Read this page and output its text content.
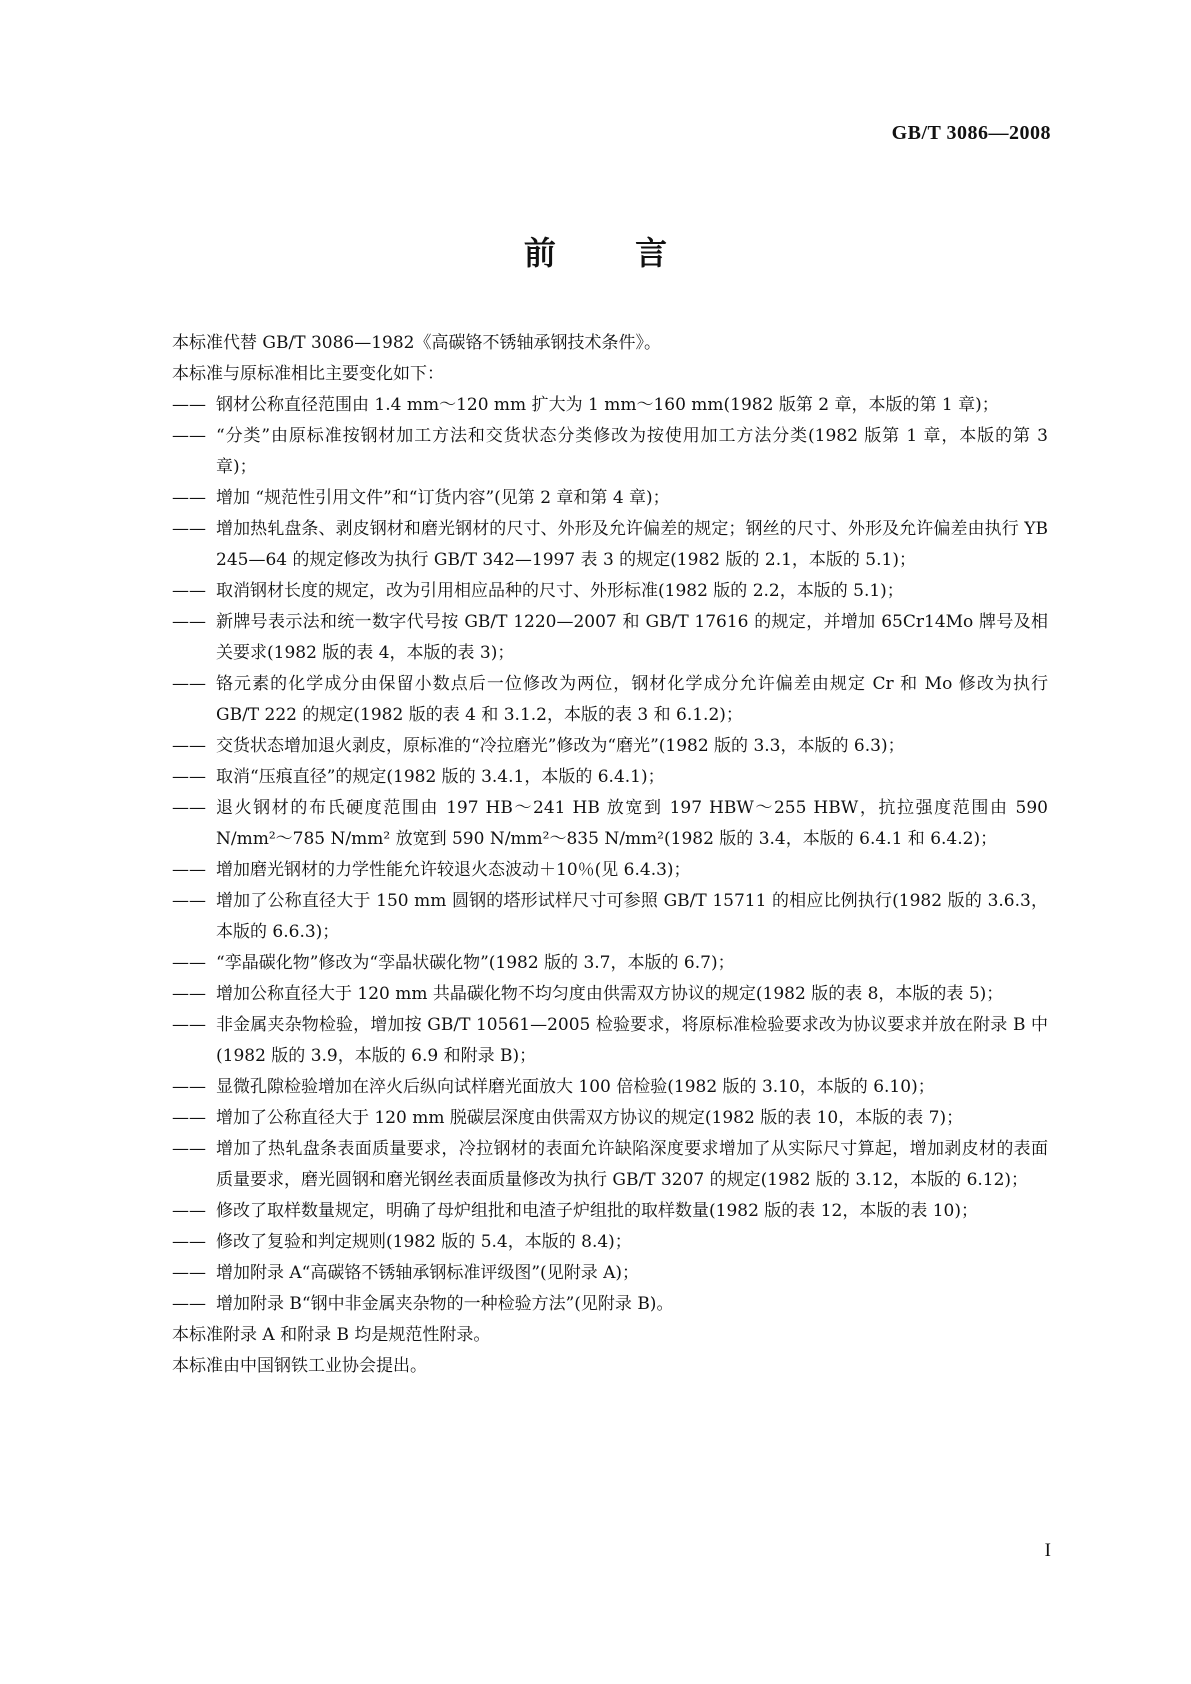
GB/T 3086—2008
前 言
本标准代替 GB/T 3086—1982《高碳铬不锈轴承钢技术条件》。
本标准与原标准相比主要变化如下：
—— 钢材公称直径范围由 1.4 mm～120 mm 扩大为 1 mm～160 mm(1982 版第 2 章，本版的第 1 章)；
—— “分类”由原标准按钢材加工方法和交货状态分类修改为按使用加工方法分类(1982 版第 1 章，本版的第 3 章)；
—— 增加 “规范性引用文件”和“订货内容”(见第 2 章和第 4 章)；
—— 增加热轧盘条、剥皮钢材和磨光钢材的尺寸、外形及允许偏差的规定；钢丝的尺寸、外形及允许偏差由执行 YB 245—64 的规定修改为执行 GB/T 342—1997 表 3 的规定(1982 版的 2.1，本版的 5.1)；
—— 取消钢材长度的规定，改为引用相应品种的尺寸、外形标准(1982 版的 2.2，本版的 5.1)；
—— 新牌号表示法和统一数字代号按 GB/T 1220—2007 和 GB/T 17616 的规定，并增加 65Cr14Mo 牌号及相关要求(1982 版的表 4，本版的表 3)；
—— 铬元素的化学成分由保留小数点后一位修改为两位，钢材化学成分允许偏差由规定 Cr 和 Mo 修改为执行 GB/T 222 的规定(1982 版的表 4 和 3.1.2，本版的表 3 和 6.1.2)；
—— 交货状态增加退火剥皮，原标准的“冷拉磨光”修改为“磨光”(1982 版的 3.3，本版的 6.3)；
—— 取消“压痕直径”的规定(1982 版的 3.4.1，本版的 6.4.1)；
—— 退火钢材的布氏硬度范围由 197 HB～241 HB 放宽到 197 HBW～255 HBW，抗拉强度范围由 590 N/mm²～785 N/mm² 放宽到 590 N/mm²～835 N/mm²(1982 版的 3.4，本版的 6.4.1 和 6.4.2)；
—— 增加磨光钢材的力学性能允许较退火态波动＋10％(见 6.4.3)；
—— 增加了公称直径大于 150 mm 圆钢的塔形试样尺寸可参照 GB/T 15711 的相应比例执行(1982 版的 3.6.3，本版的 6.6.3)；
—— “孪晶碳化物”修改为“孪晶状碳化物”(1982 版的 3.7，本版的 6.7)；
—— 增加公称直径大于 120 mm 共晶碳化物不均匀度由供需双方协议的规定(1982 版的表 8，本版的表 5)；
—— 非金属夹杂物检验，增加按 GB/T 10561—2005 检验要求，将原标准检验要求改为协议要求并放在附录 B 中(1982 版的 3.9，本版的 6.9 和附录 B)；
—— 显微孔隙检验增加在淬火后纵向试样磨光面放大 100 倍检验(1982 版的 3.10，本版的 6.10)；
—— 增加了公称直径大于 120 mm 脱碳层深度由供需双方协议的规定(1982 版的表 10，本版的表 7)；
—— 增加了热轧盘条表面质量要求，冷拉钢材的表面允许缺陷深度要求增加了从实际尺寸算起，增加剥皮材的表面质量要求，磨光圆钢和磨光钢丝表面质量修改为执行 GB/T 3207 的规定(1982 版的 3.12，本版的 6.12)；
—— 修改了取样数量规定，明确了母炉组批和电渣子炉组批的取样数量(1982 版的表 12，本版的表 10)；
—— 修改了复验和判定规则(1982 版的 5.4，本版的 8.4)；
—— 增加附录 A“高碳铬不锈轴承钢标准评级图”(见附录 A)；
—— 增加附录 B“钢中非金属夹杂物的一种检验方法”(见附录 B)。
本标准附录 A 和附录 B 均是规范性附录。
本标准由中国钢铁工业协会提出。
I
